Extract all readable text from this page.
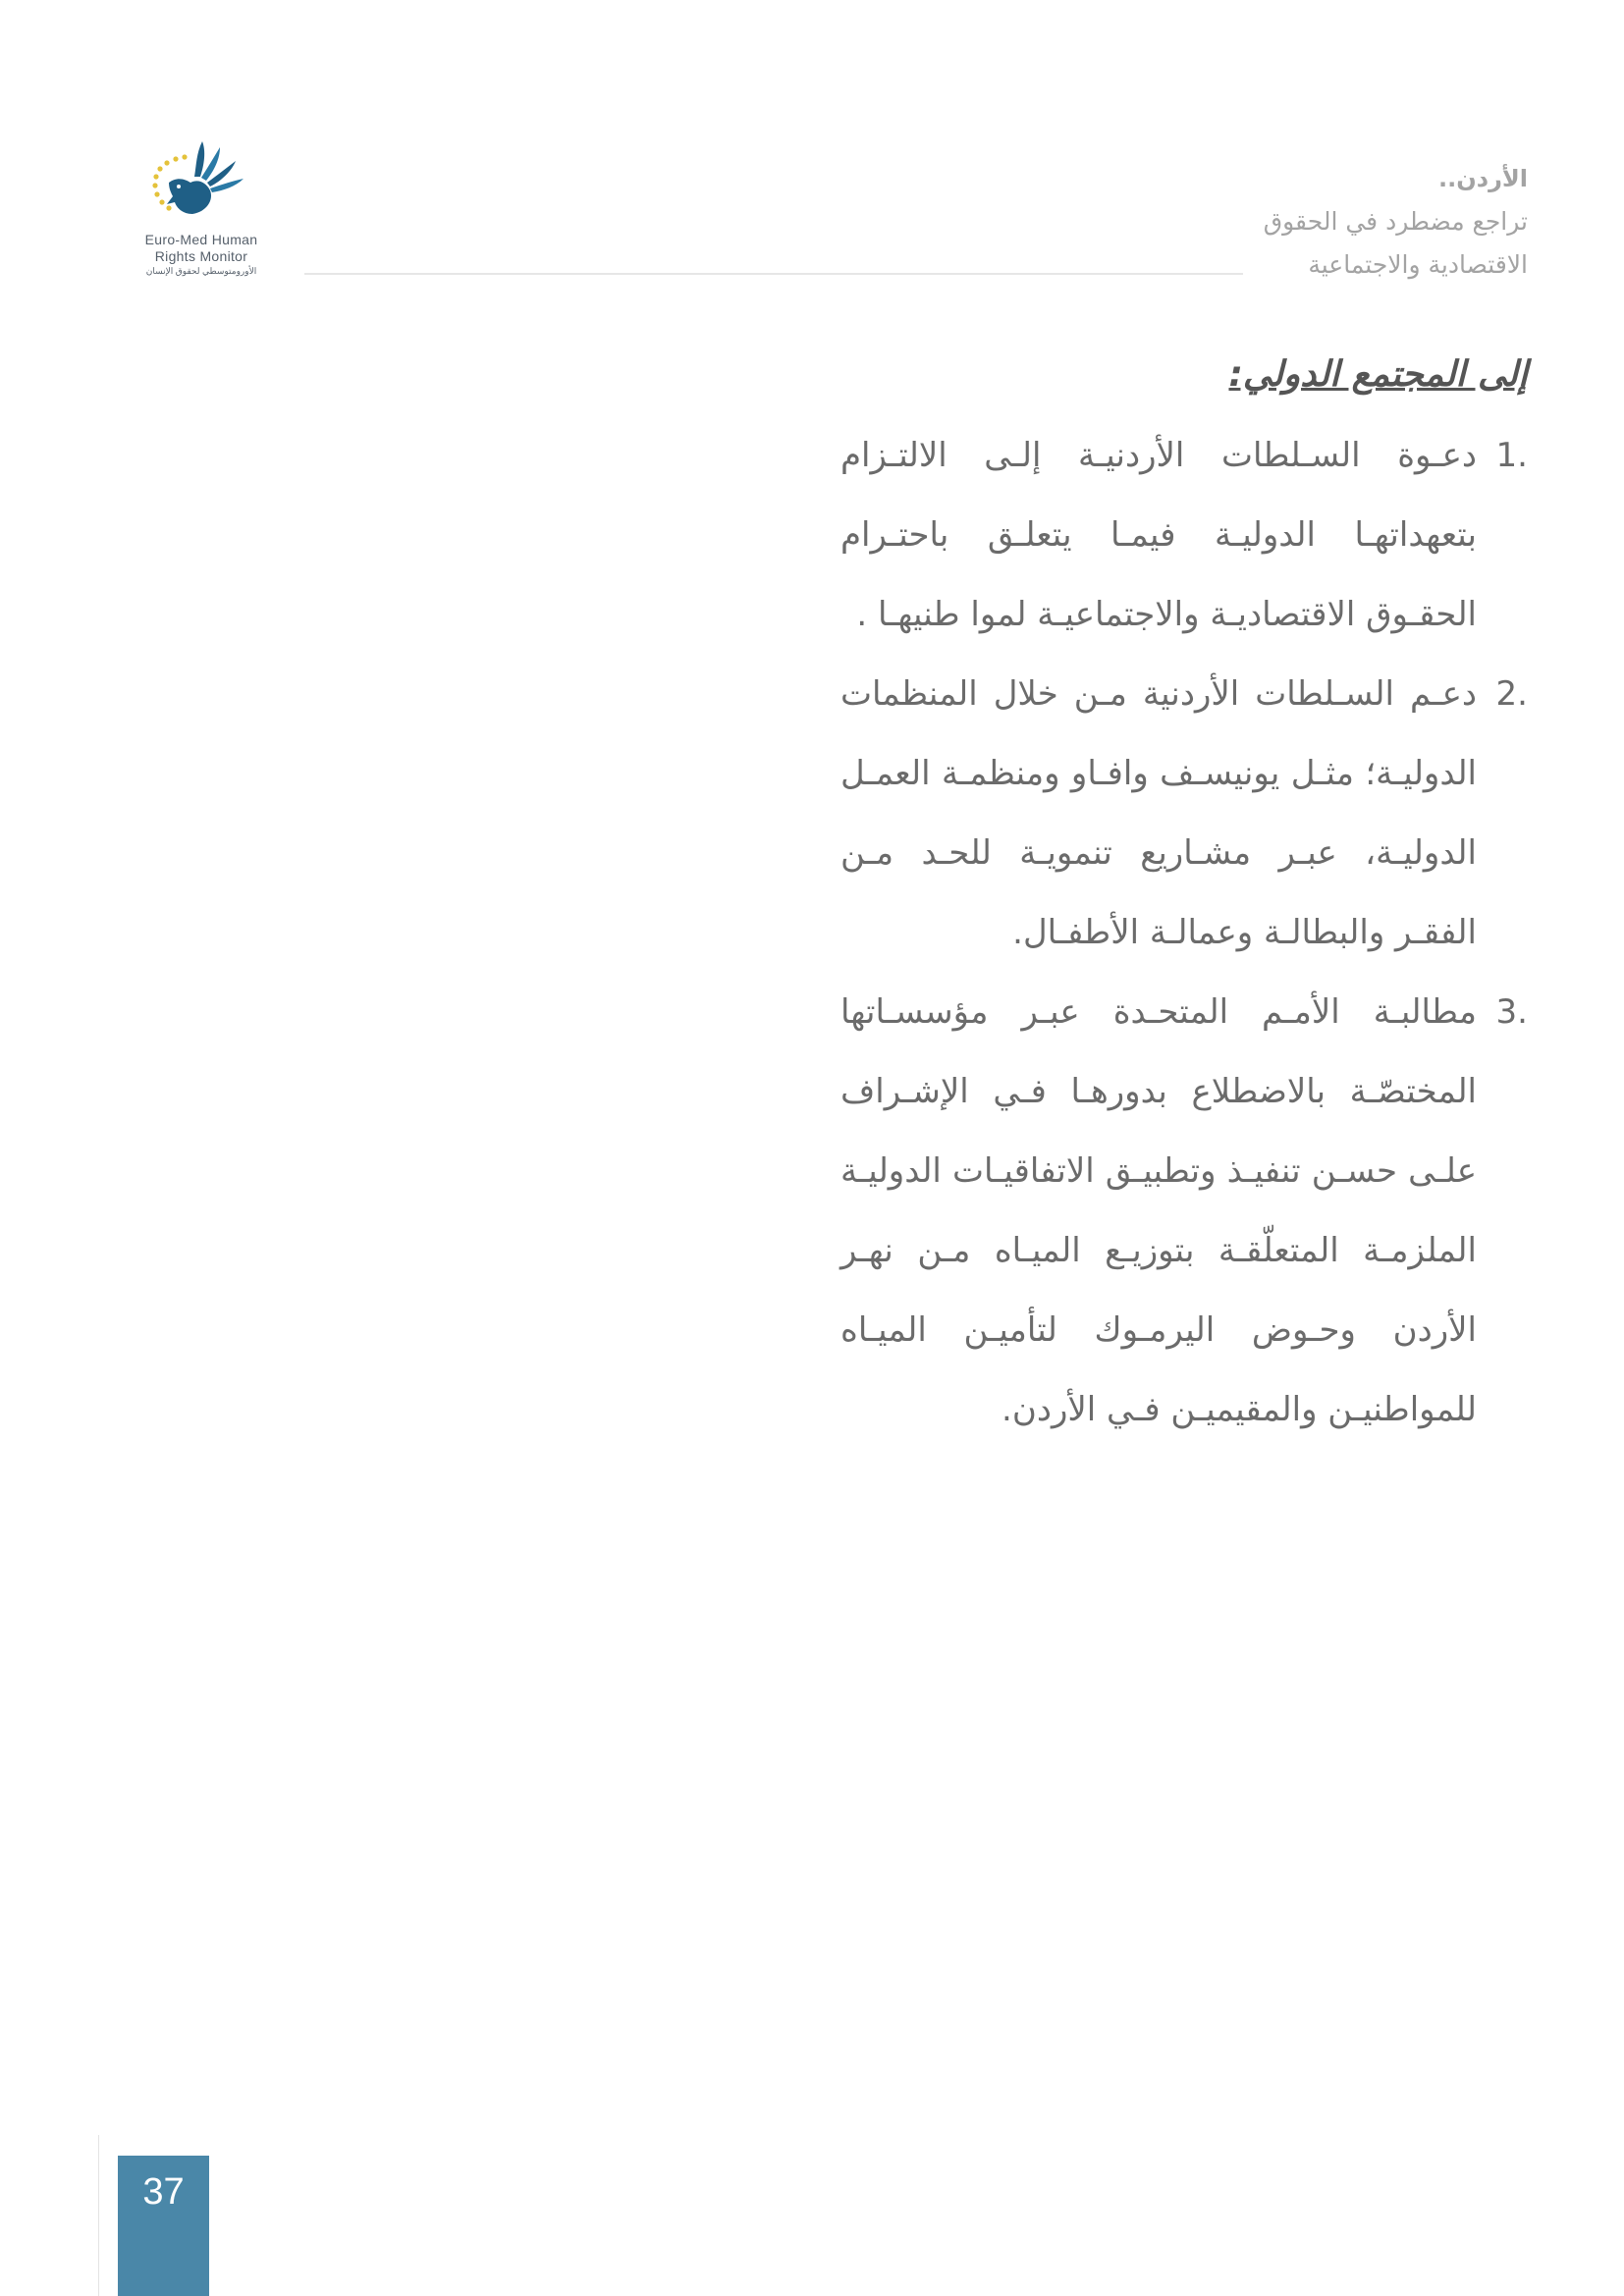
الأردن..
تراجع مضطرد في الحقوق
الاقتصادية والاجتماعية
Euro-Med Human
Rights Monitor
الأورومتوسطي لحقوق الإنسان
إلى المجتمع الدولي:
1.
دعـوة السـلطات الأردنيـة إلـى الالتـزام بتعهداتهـا الدوليـة فيمـا يتعلـق باحتـرام الحقـوق الاقتصاديـة والاجتماعيـة لموا طنيهـا .
2.
دعـم السـلطات الأردنية مـن خلال المنظمات الدوليـة؛ مثـل يونيسـف وافـاو ومنظمـة العمـل الدوليـة، عبـر مشـاريع تنمويـة للحـد مـن الفقـر والبطالـة وعمالـة الأطفـال.
3.
مطالبـة الأمـم المتحـدة عبـر مؤسسـاتها المختصّـة بالاضطلاع بدورهـا فـي الإشـراف علـى حسـن تنفيـذ وتطبيـق الاتفاقيـات الدوليـة الملزمـة المتعلّقـة بتوزيـع الميـاه مـن نهـر الأردن وحـوض اليرمـوك لتأميـن الميـاه للمواطنيـن والمقيميـن فـي الأردن.
37
